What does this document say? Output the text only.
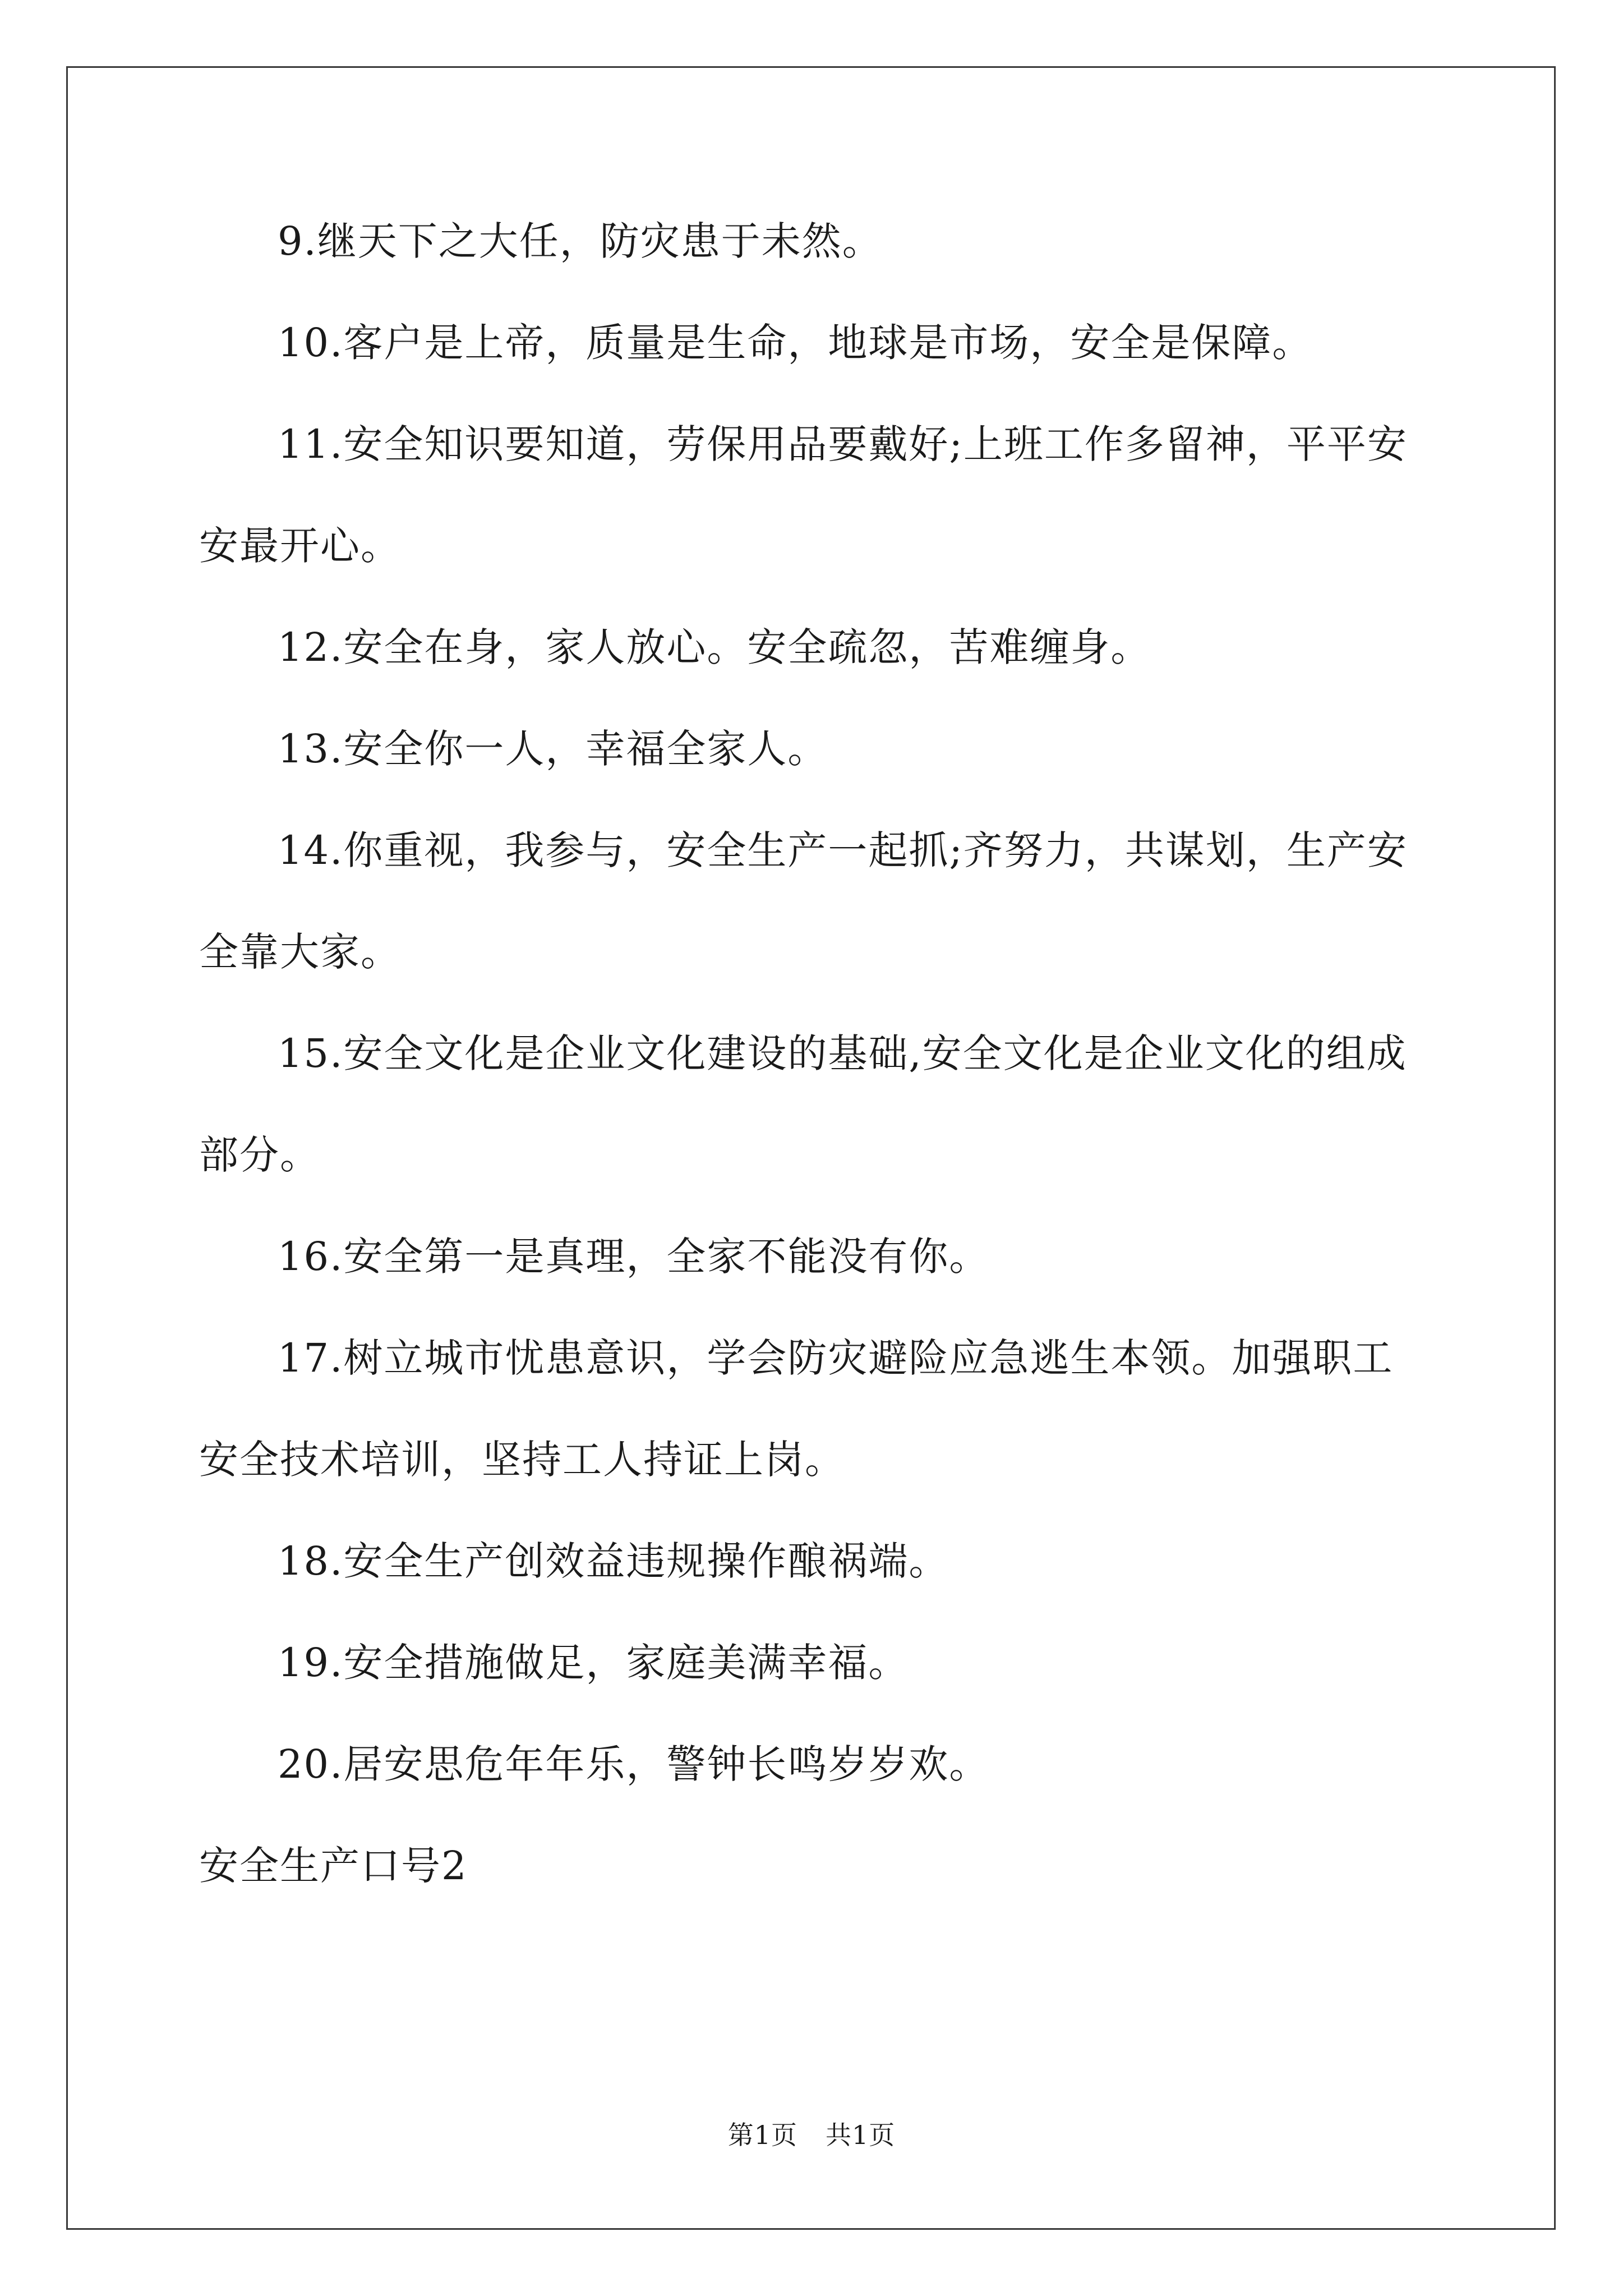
9.继天下之大任，防灾患于未然。

10.客户是上帝，质量是生命，地球是市场，安全是保障。

11.安全知识要知道，劳保用品要戴好;上班工作多留神，平平安安最开心。

12.安全在身，家人放心。安全疏忽，苦难缠身。

13.安全你一人，幸福全家人。

14.你重视，我参与，安全生产一起抓;齐努力，共谋划，生产安全靠大家。

15.安全文化是企业文化建设的基础,安全文化是企业文化的组成部分。

16.安全第一是真理，全家不能没有你。

17.树立城市忧患意识，学会防灾避险应急逃生本领。加强职工安全技术培训，坚持工人持证上岗。

18.安全生产创效益违规操作酿祸端。

19.安全措施做足，家庭美满幸福。

20.居安思危年年乐，警钟长鸣岁岁欢。

安全生产口号2

第1页 共1页
